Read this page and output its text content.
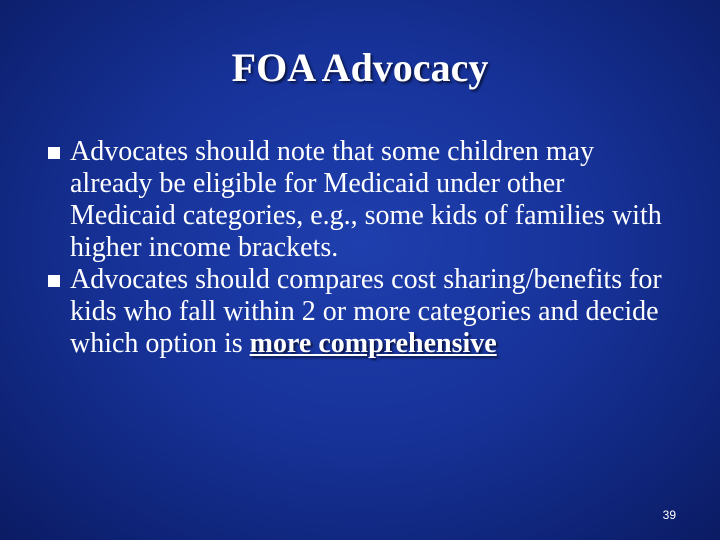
FOA Advocacy
Advocates should note that some children may already be eligible for Medicaid under other Medicaid categories, e.g., some kids of families with higher income brackets.
Advocates should compares cost sharing/benefits for kids who fall within 2 or more categories and decide which option is more comprehensive
39
